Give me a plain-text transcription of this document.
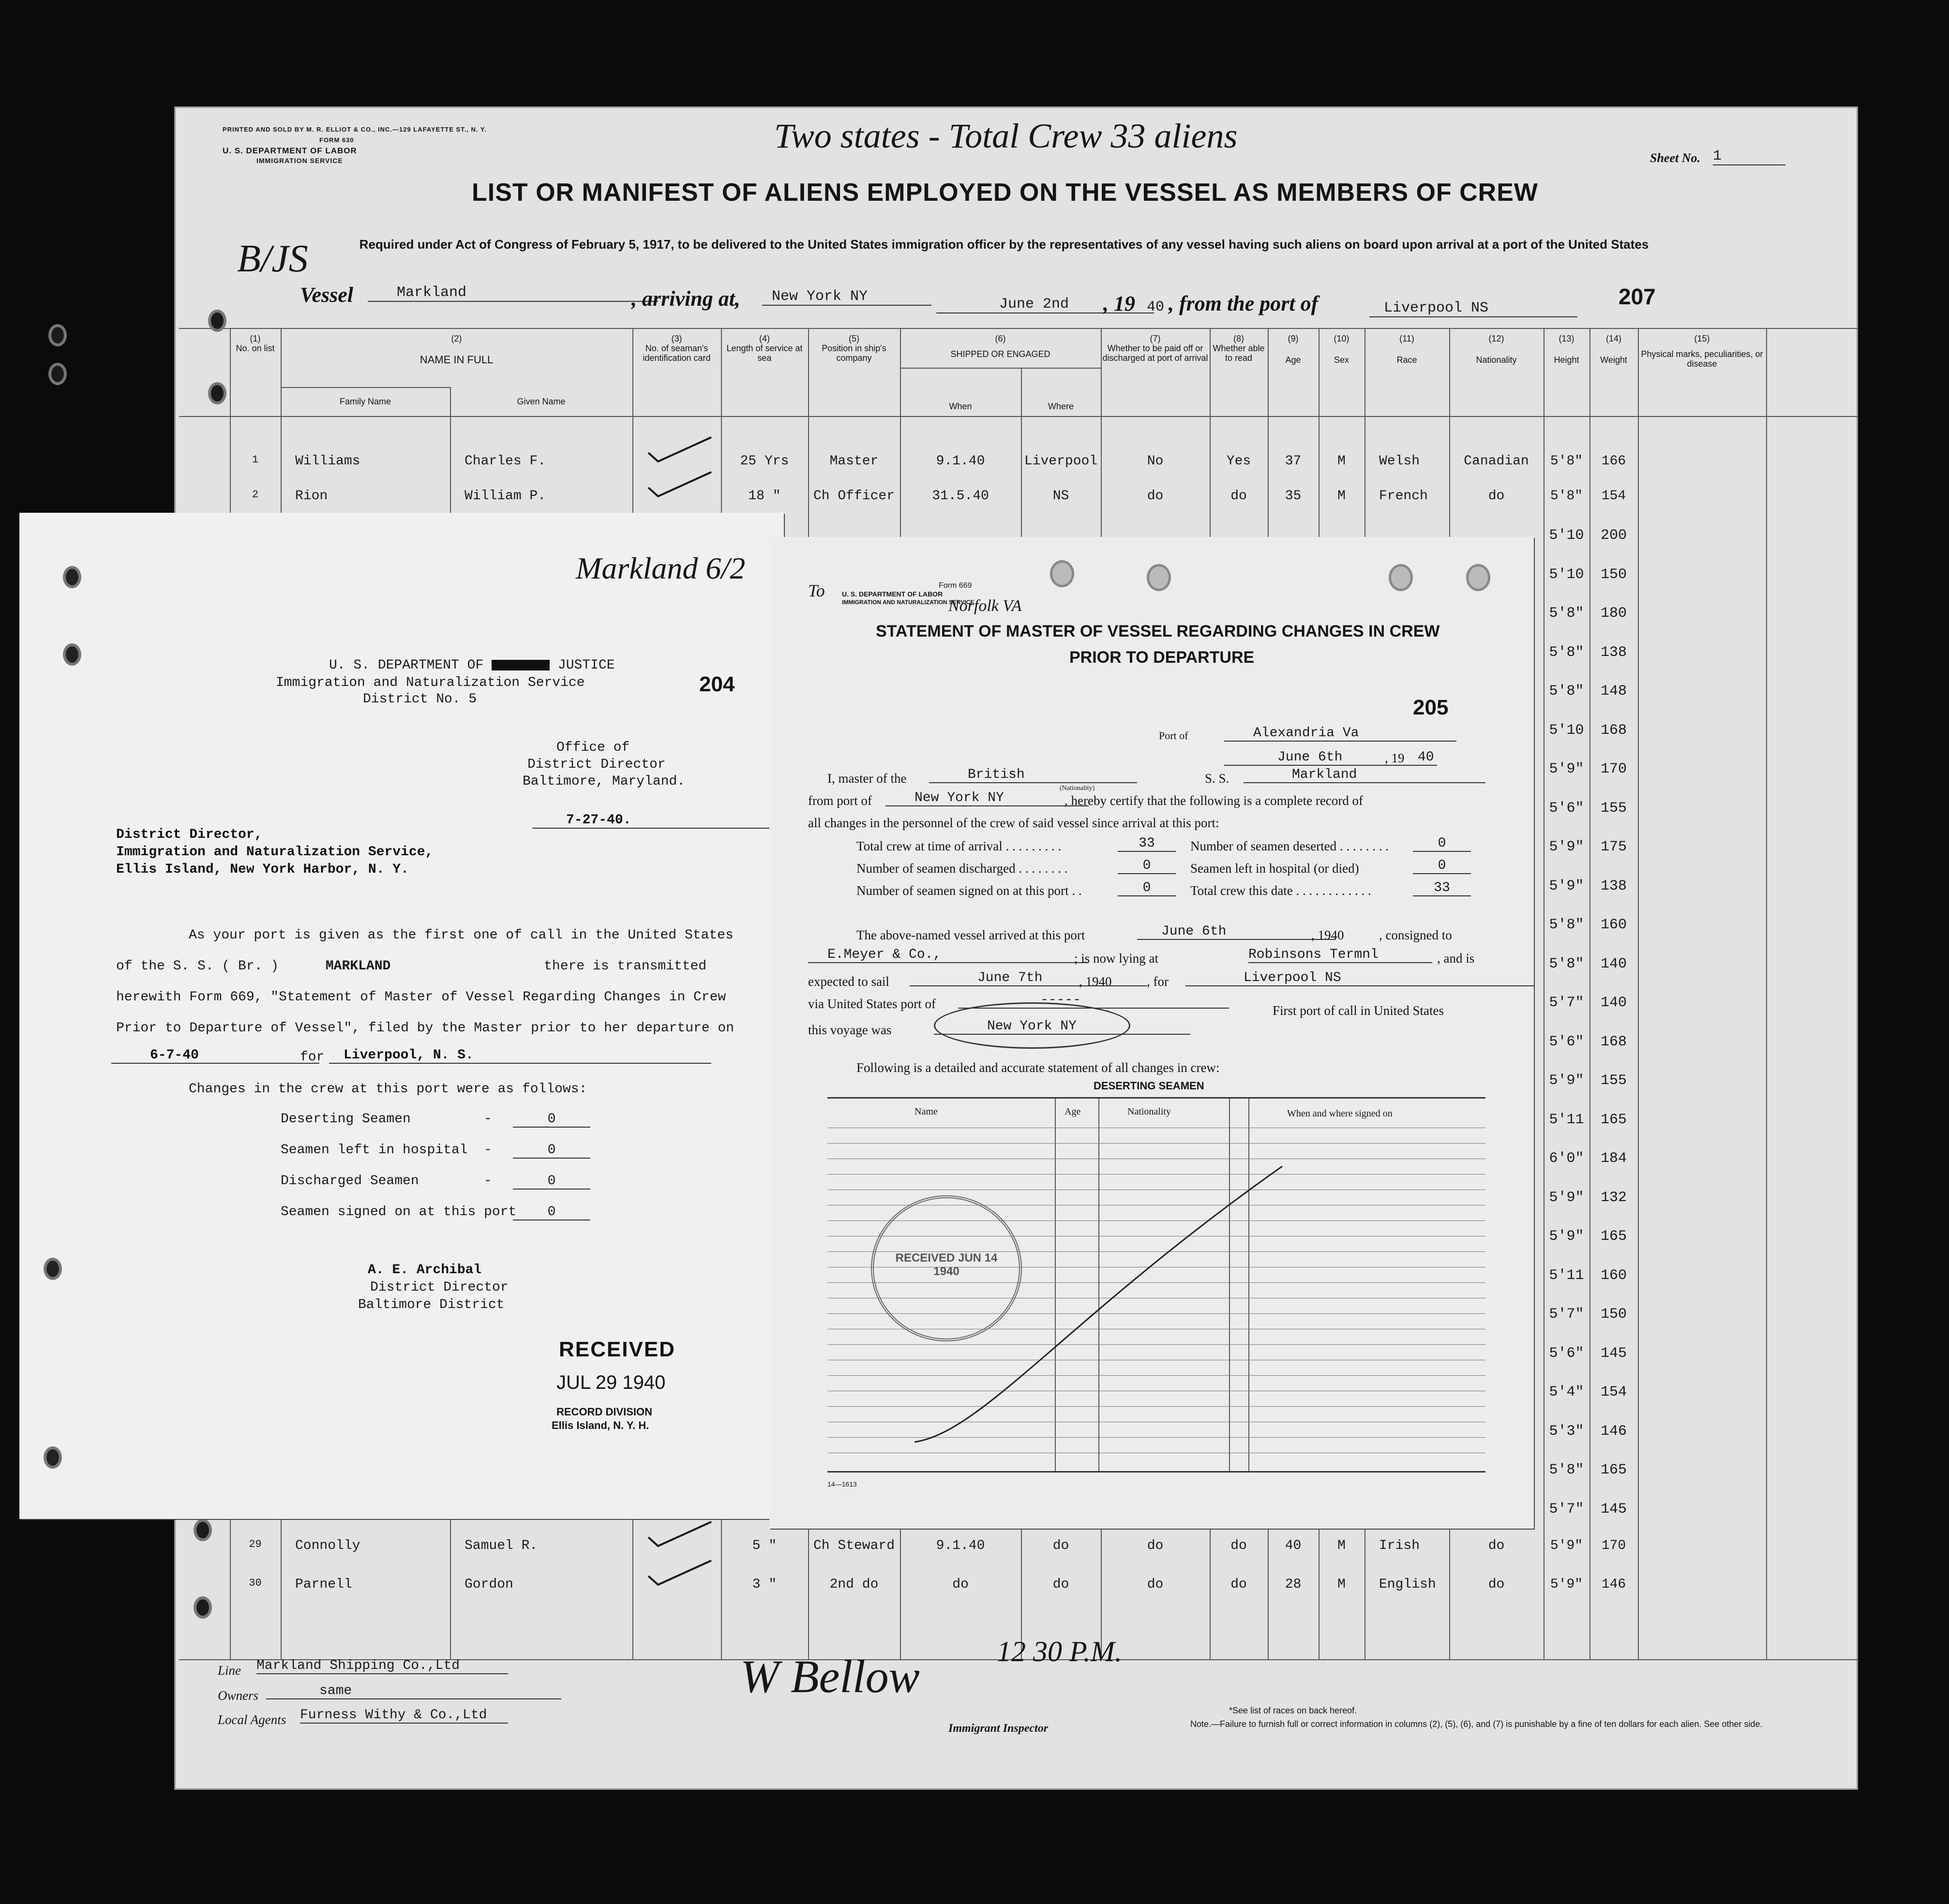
PRINTED AND SOLD BY M. R. ELLIOT & CO., INC.—129 LAFAYETTE ST., N. Y.
FORM 630
U. S. DEPARTMENT OF LABOR
IMMIGRATION SERVICE
Two states - Total Crew 33 aliens
Sheet No. 1
LIST OR MANIFEST OF ALIENS EMPLOYED ON THE VESSEL AS MEMBERS OF CREW
Required under Act of Congress of February 5, 1917, to be delivered to the United States immigration officer by the representatives of any vessel having such aliens on board upon arrival at a port of the United States
B/JS
Vessel	Markland	, arriving at,	New York NY	June 2nd	, 19 40 , from the port of	Liverpool NS	207
(1)
No. on list
(2)
NAME IN FULL
Family Name	Given Name
(3)
No. of seaman's identification card
(4)
Length of service at sea
(5)
Position in ship's company
(6)
SHIPPED OR ENGAGED
When	Where
(7)
Whether to be paid off or discharged at port of arrival
(8)
Whether able to read
(9)
Age
(10)
Sex
(11)
Race
(12)
Nationality
(13)
Height
(14)
Weight
(15)
Physical marks, peculiarities, or disease
1	Williams	Charles F.	25 Yrs	Master	9.1.40	Liverpool	No	Yes	37	M	Welsh	Canadian	5'8"	166
2	Rion	William P.	18 "	Ch Officer	31.5.40	NS	do	do	35	M	French	do	5'8"	154
5'10	200
5'10	150
5'8"	180
5'8"	138
5'8"	148
5'10	168
5'9"	170
5'6"	155
5'9"	175
5'9"	138
5'8"	160
5'8"	140
5'7"	140
5'6"	168
5'9"	155
5'11	165
6'0"	184
5'9"	132
5'9"	165
5'11	160
5'7"	150
5'6"	145
5'4"	154
5'3"	146
5'8"	165
5'7"	145
29	Connolly	Samuel R.	5 "	Ch Steward	9.1.40	do	do	do	40	M	Irish	do	5'9"	170
30	Parnell	Gordon	3 "	2nd do	do	do	do	do	28	M	English	do	5'9"	146
Line Markland Shipping Co.,Ltd
Owners	same
Local Agents Furness Withy & Co.,Ltd
W Bellow	12 30 P.M.
Immigrant Inspector
*See list of races on back hereof.
Note.—Failure to furnish full or correct information in columns (2), (5), (6), and (7) is punishable by a fine of ten dollars for each alien. See other side.
Markland 6/2
U. S. DEPARTMENT OF	JUSTICE
Immigration and Naturalization Service
District No. 5
204
Office of
District Director
Baltimore, Maryland.
7-27-40.
District Director,
Immigration and Naturalization Service,
Ellis Island, New York Harbor, N. Y.
As your port is given as the first one of call in the United States
of the S. S. ( Br. )	MARKLAND	there is transmitted
herewith Form 669, "Statement of Master of Vessel Regarding Changes in Crew
Prior to Departure of Vessel", filed by the Master prior to her departure on
6-7-40	for	Liverpool, N. S.
Changes in the crew at this port were as follows:
Deserting Seamen	-	0
Seamen left in hospital -	0
Discharged Seamen	-	0
Seamen signed on at this port	0
A. E. Archibal
District Director
Baltimore District
RECEIVED
JUL 29 1940
RECORD DIVISION
Ellis Island, N. Y. H.
To	Form 669
U. S. DEPARTMENT OF LABOR
IMMIGRATION AND NATURALIZATION SERVICE
Norfolk VA
STATEMENT OF MASTER OF VESSEL REGARDING CHANGES IN CREW
PRIOR TO DEPARTURE
205
Port of	Alexandria Va
June 6th	, 19 40
I, master of the	British	S. S.	Markland
(Nationality)
from port of	New York NY	, hereby certify that the following is a complete record of
all changes in the personnel of the crew of said vessel since arrival at this port:
Total crew at time of arrival . . . . . . . . .	33
Number of seamen discharged . . . . . . . .	0
Number of seamen signed on at this port . .	0
Number of seamen deserted . . . . . . . .	0
Seamen left in hospital (or died)	0
Total crew this date . . . . . . . . . . . .	33
The above-named vessel arrived at this port	June 6th	, 1940	, consigned to
E.Meyer & Co.,	; is now lying at	Robinsons Termnl	, and is
expected to sail	June 7th	, 1940	, for	Liverpool NS
via United States port of	-----
First port of call in United States
this voyage was	New York NY
Following is a detailed and accurate statement of all changes in crew:
DESERTING SEAMEN
Name	Age	Nationality	When and where signed on
RECEIVED JUN 14 1940
14—1613
